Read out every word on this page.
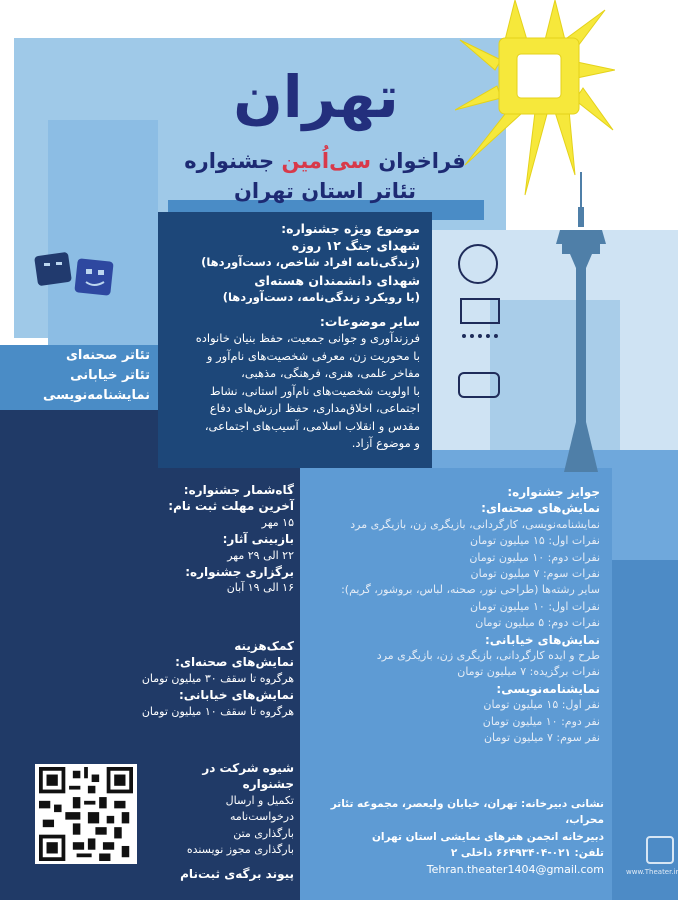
تهران
فراخوان سی‌اُمین جشنواره
تئاتر استان تهران
موضوع ویژه جشنواره:
شهدای جنگ ۱۲ روزه
(زندگی‌نامه افراد شاخص، دست‌آوردها)
شهدای دانشمندان هسته‌ای
(با رویکرد زندگی‌نامه، دست‌آوردها)
سایر موضوعات:
فرزندآوری و جوانی جمعیت، حفظ بنیان خانواده
با محوریت زن، معرفی شخصیت‌های نام‌آور و
مفاخر علمی، هنری، فرهنگی، مذهبی،
با اولویت شخصیت‌های نام‌آور استانی، نشاط
اجتماعی، اخلاق‌مداری، حفظ ارزش‌های دفاع
مقدس و انقلاب اسلامی، آسیب‌های اجتماعی،
و موضوع آزاد.
تئاتر صحنه‌ای
تئاتر خیابانی
نمایشنامه‌نویسی
گاه‌شمار جشنواره:
آخرین مهلت ثبت نام:
۱۵ مهر
بازبینی آثار:
۲۲ الی ۲۹ مهر
برگزاری جشنواره:
۱۶ الی ۱۹ آبان
کمک‌هزینه
نمایش‌های صحنه‌ای:
هرگروه تا سقف ۳۰ میلیون تومان
نمایش‌های خیابانی:
هرگروه تا سقف ۱۰ میلیون تومان
شیوه شرکت در جشنواره
تکمیل و ارسال
درخواست‌نامه
بارگذاری متن
بارگذاری مجوز نویسنده
پیوند برگه‌ی ثبت‌نام
جوایز جشنواره:
نمایش‌های صحنه‌ای:
نمایشنامه‌نویسی، کارگردانی، بازیگری زن، بازیگری مرد
نفرات اول: ۱۵ میلیون تومان
نفرات دوم: ۱۰ میلیون تومان
نفرات سوم: ۷ میلیون تومان
سایر رشته‌ها (طراحی نور، صحنه، لباس، بروشور، گریم):
نفرات اول: ۱۰ میلیون تومان
نفرات دوم: ۵ میلیون تومان
نمایش‌های خیابانی:
طرح و ایده کارگردانی، بازیگری زن، بازیگری مرد
نفرات برگزیده: ۷ میلیون تومان
نمایشنامه‌نویسی:
نفر اول: ۱۵ میلیون تومان
نفر دوم: ۱۰ میلیون تومان
نفر سوم: ۷ میلیون تومان
نشانی دبیرخانه: تهران، خیابان ولیعصر، مجموعه تئاتر محراب،
دبیرخانه انجمن هنرهای نمایشی استان تهران
تلفن: ۰۲۱-۶۶۴۹۳۴۰۴ داخلی ۲
Tehran.theater1404@gmail.com	www.Theater.ir
